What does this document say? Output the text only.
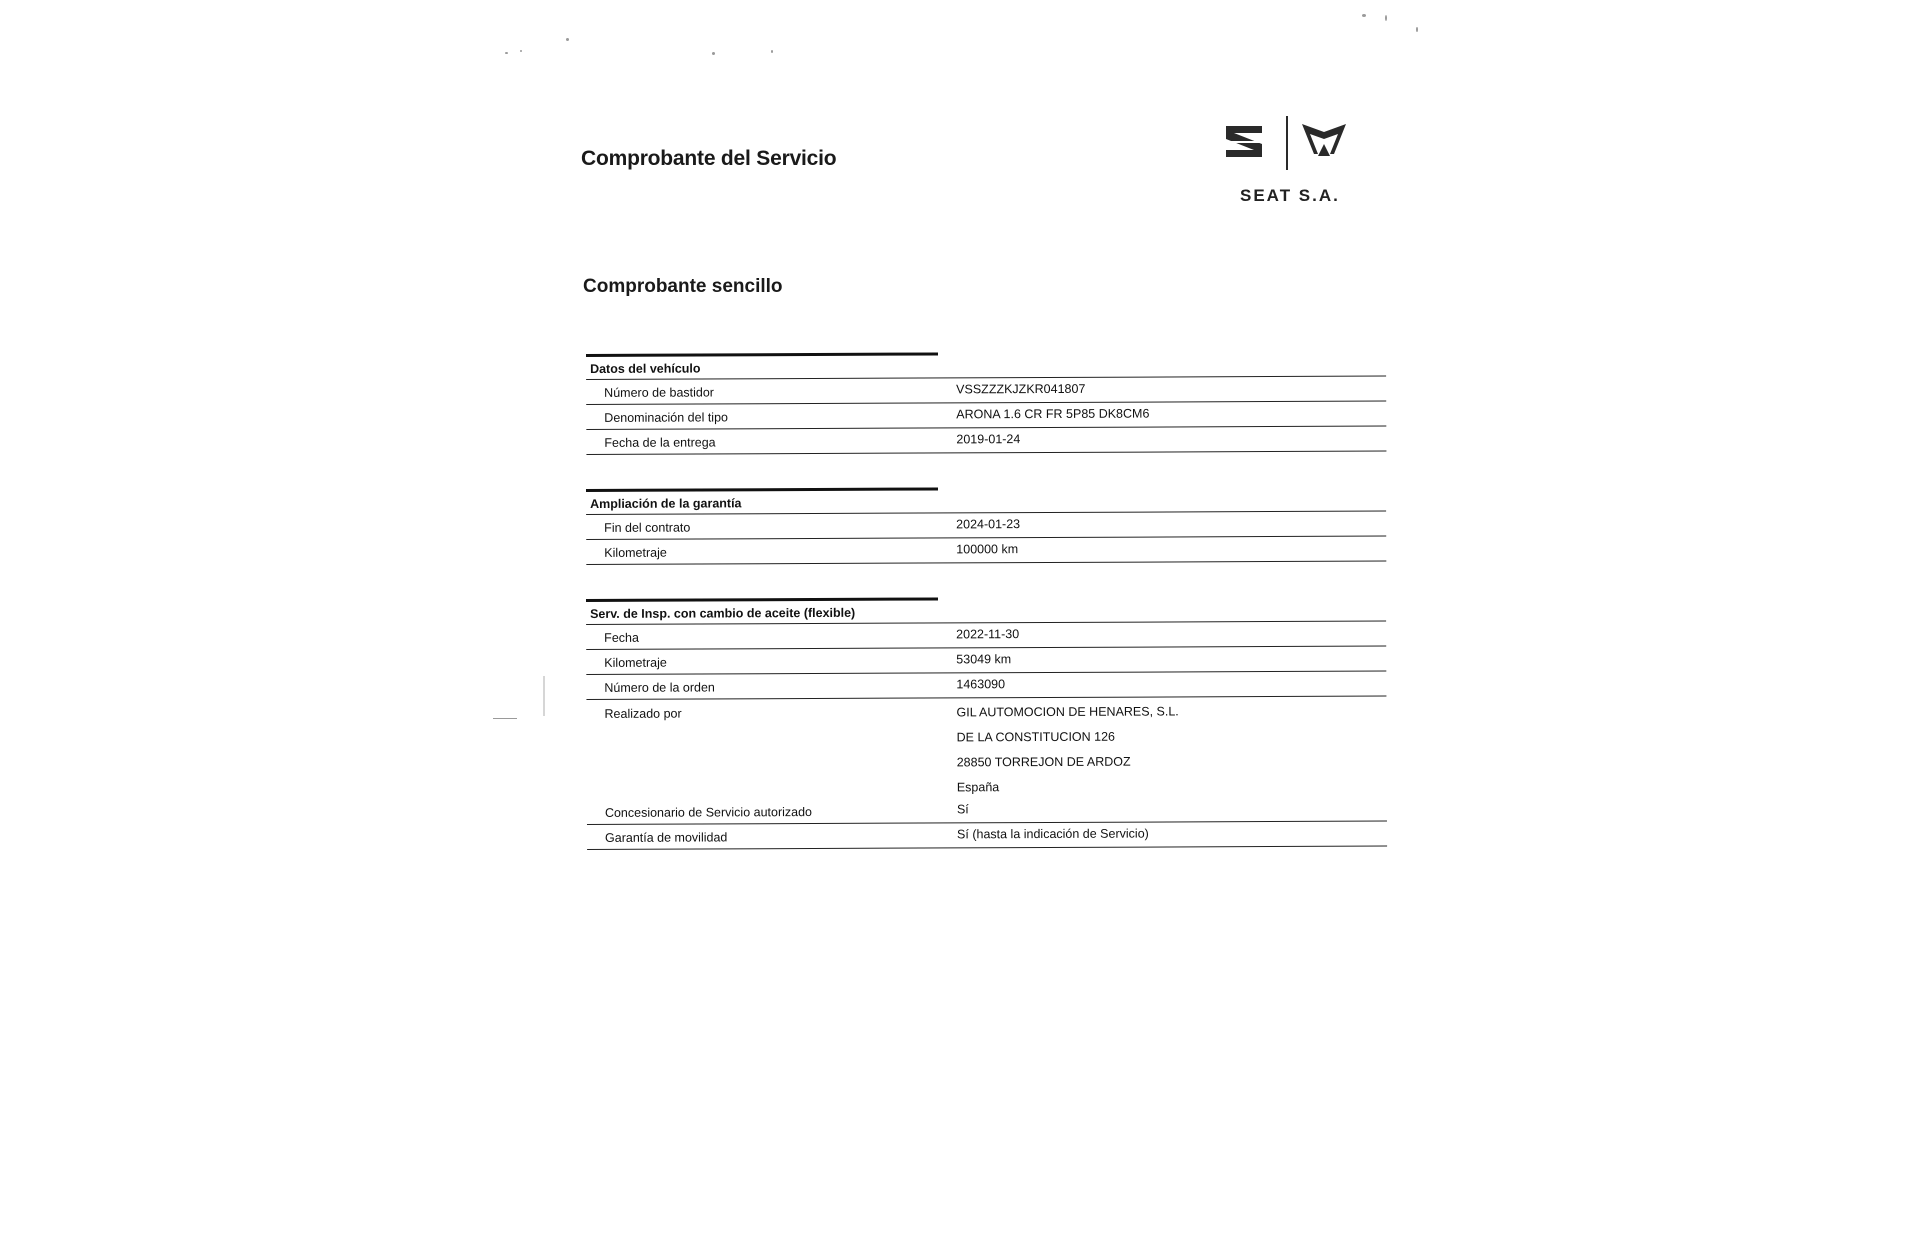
Comprobante del Servicio
SEAT S.A.
Comprobante sencillo
Datos del vehículo
Número de bastidor	VSSZZZKJZKR041807
Denominación del tipo	ARONA 1.6 CR FR 5P85 DK8CM6
Fecha de la entrega	2019-01-24
Ampliación de la garantía
Fin del contrato	2024-01-23
Kilometraje	100000 km
Serv. de Insp. con cambio de aceite (flexible)
Fecha	2022-11-30
Kilometraje	53049 km
Número de la orden	1463090
Realizado por	GIL AUTOMOCION DE HENARES, S.L.
DE LA CONSTITUCION 126
28850 TORREJON DE ARDOZ
España
Concesionario de Servicio autorizado	Sí
Garantía de movilidad	Sí (hasta la indicación de Servicio)
